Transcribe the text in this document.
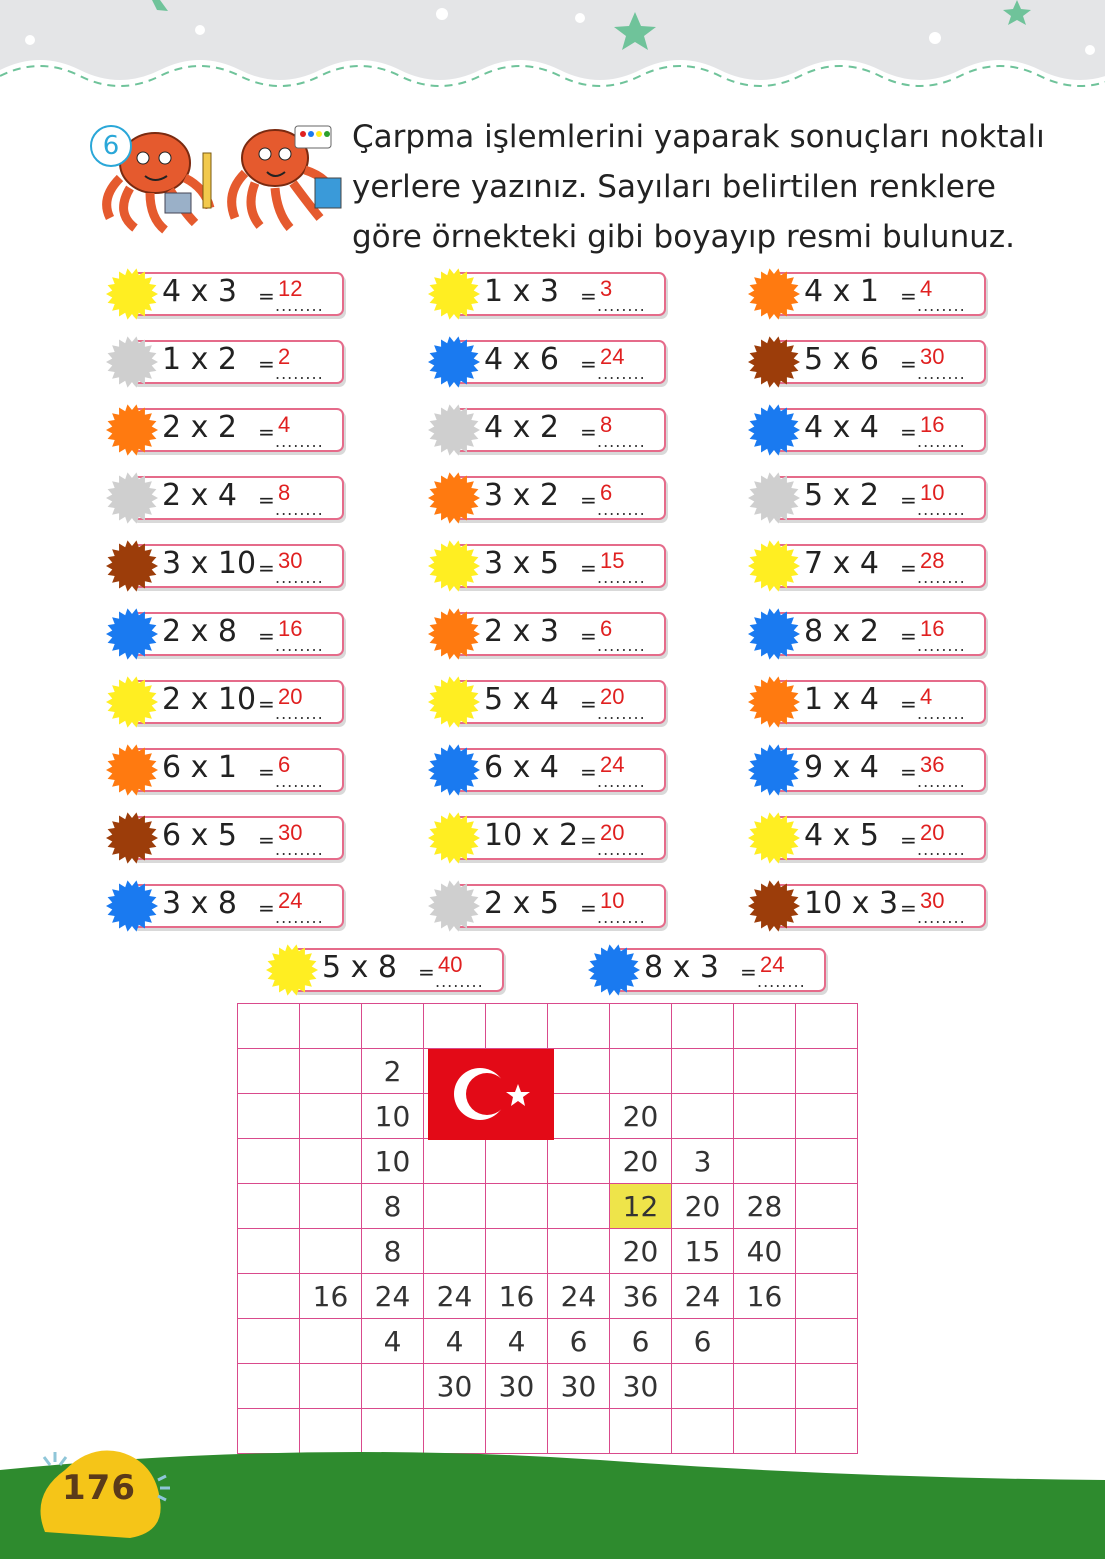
6	Çarpma işlemlerini yaparak sonuçları noktalı
yerlere yazınız. Sayıları belirtilen renklere
göre örnekteki gibi boyayıp resmi bulunuz.
4 x 3 = ........
12
1 x 2 = ........
2
2 x 2 = ........
4
2 x 4 = ........
8
3 x 10 = ........
30
2 x 8 = ........
16
2 x 10 = ........
20
6 x 1 = ........
6
6 x 5 = ........
30
3 x 8 = ........
24
1 x 3 = ........
3
4 x 6 = ........
24
4 x 2 = ........
8
3 x 2 = ........
6
3 x 5 = ........
15
2 x 3 = ........
6
5 x 4 = ........
20
6 x 4 = ........
24
10 x 2 = ........
20
2 x 5 = ........
10
4 x 1 = ........
4
5 x 6 = ........
30
4 x 4 = ........
16
5 x 2 = ........
10
7 x 4 = ........
28
8 x 2 = ........
16
1 x 4 = ........
4
9 x 4 = ........
36
4 x 5 = ........
20
10 x 3 = ........
30
5 x 8 = ........
40	8 x 3 = ........
24

		2							
		10				20			
		10				20	3		
		8				12	20	28	
		8				20	15	40	
	16	24	24	16	24	36	24	16	
		4	4	4	6	6	6		
			30	30	30	30			

176
